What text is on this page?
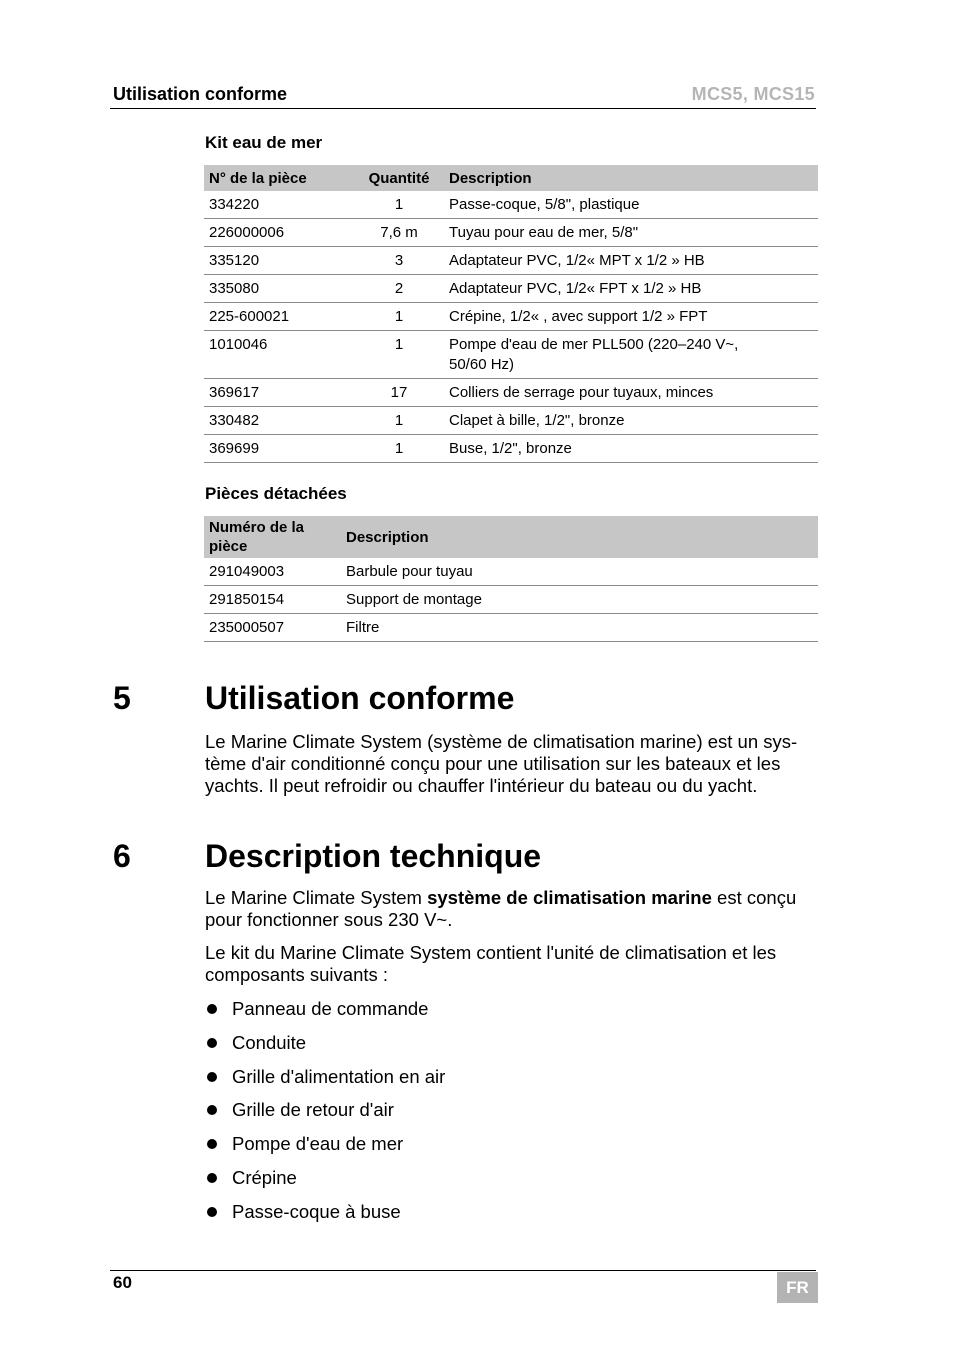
Utilisation conforme	MCS5, MCS15
Kit eau de mer
N° de la pièce	Quantité	Description

334220	1	Passe-coque, 5/8", plastique

226000006	7,6 m	Tuyau pour eau de mer, 5/8"

335120	3	Adaptateur PVC, 1/2« MPT x 1/2 » HB

335080	2	Adaptateur PVC, 1/2« FPT x 1/2 » HB

225-600021	1	Crépine, 1/2« , avec support 1/2 » FPT

1010046	1	Pompe d'eau de mer PLL500 (220–240 V~, 50/60 Hz)

369617	17	Colliers de serrage pour tuyaux, minces

330482	1	Clapet à bille, 1/2", bronze

369699	1	Buse, 1/2", bronze
Pièces détachées
Numéro de la pièce	Description

291049003	Barbule pour tuyau

291850154	Support de montage

235000507	Filtre
5 Utilisation conforme
Le Marine Climate System (système de climatisation marine) est un sys-tème d'air conditionné conçu pour une utilisation sur les bateaux et les yachts. Il peut refroidir ou chauffer l'intérieur du bateau ou du yacht.
6 Description technique
Le Marine Climate System système de climatisation marine est conçu pour fonctionner sous 230 V~.
Le kit du Marine Climate System contient l'unité de climatisation et les composants suivants :
Panneau de commande
Conduite
Grille d'alimentation en air
Grille de retour d'air
Pompe d'eau de mer
Crépine
Passe-coque à buse
60	FR
